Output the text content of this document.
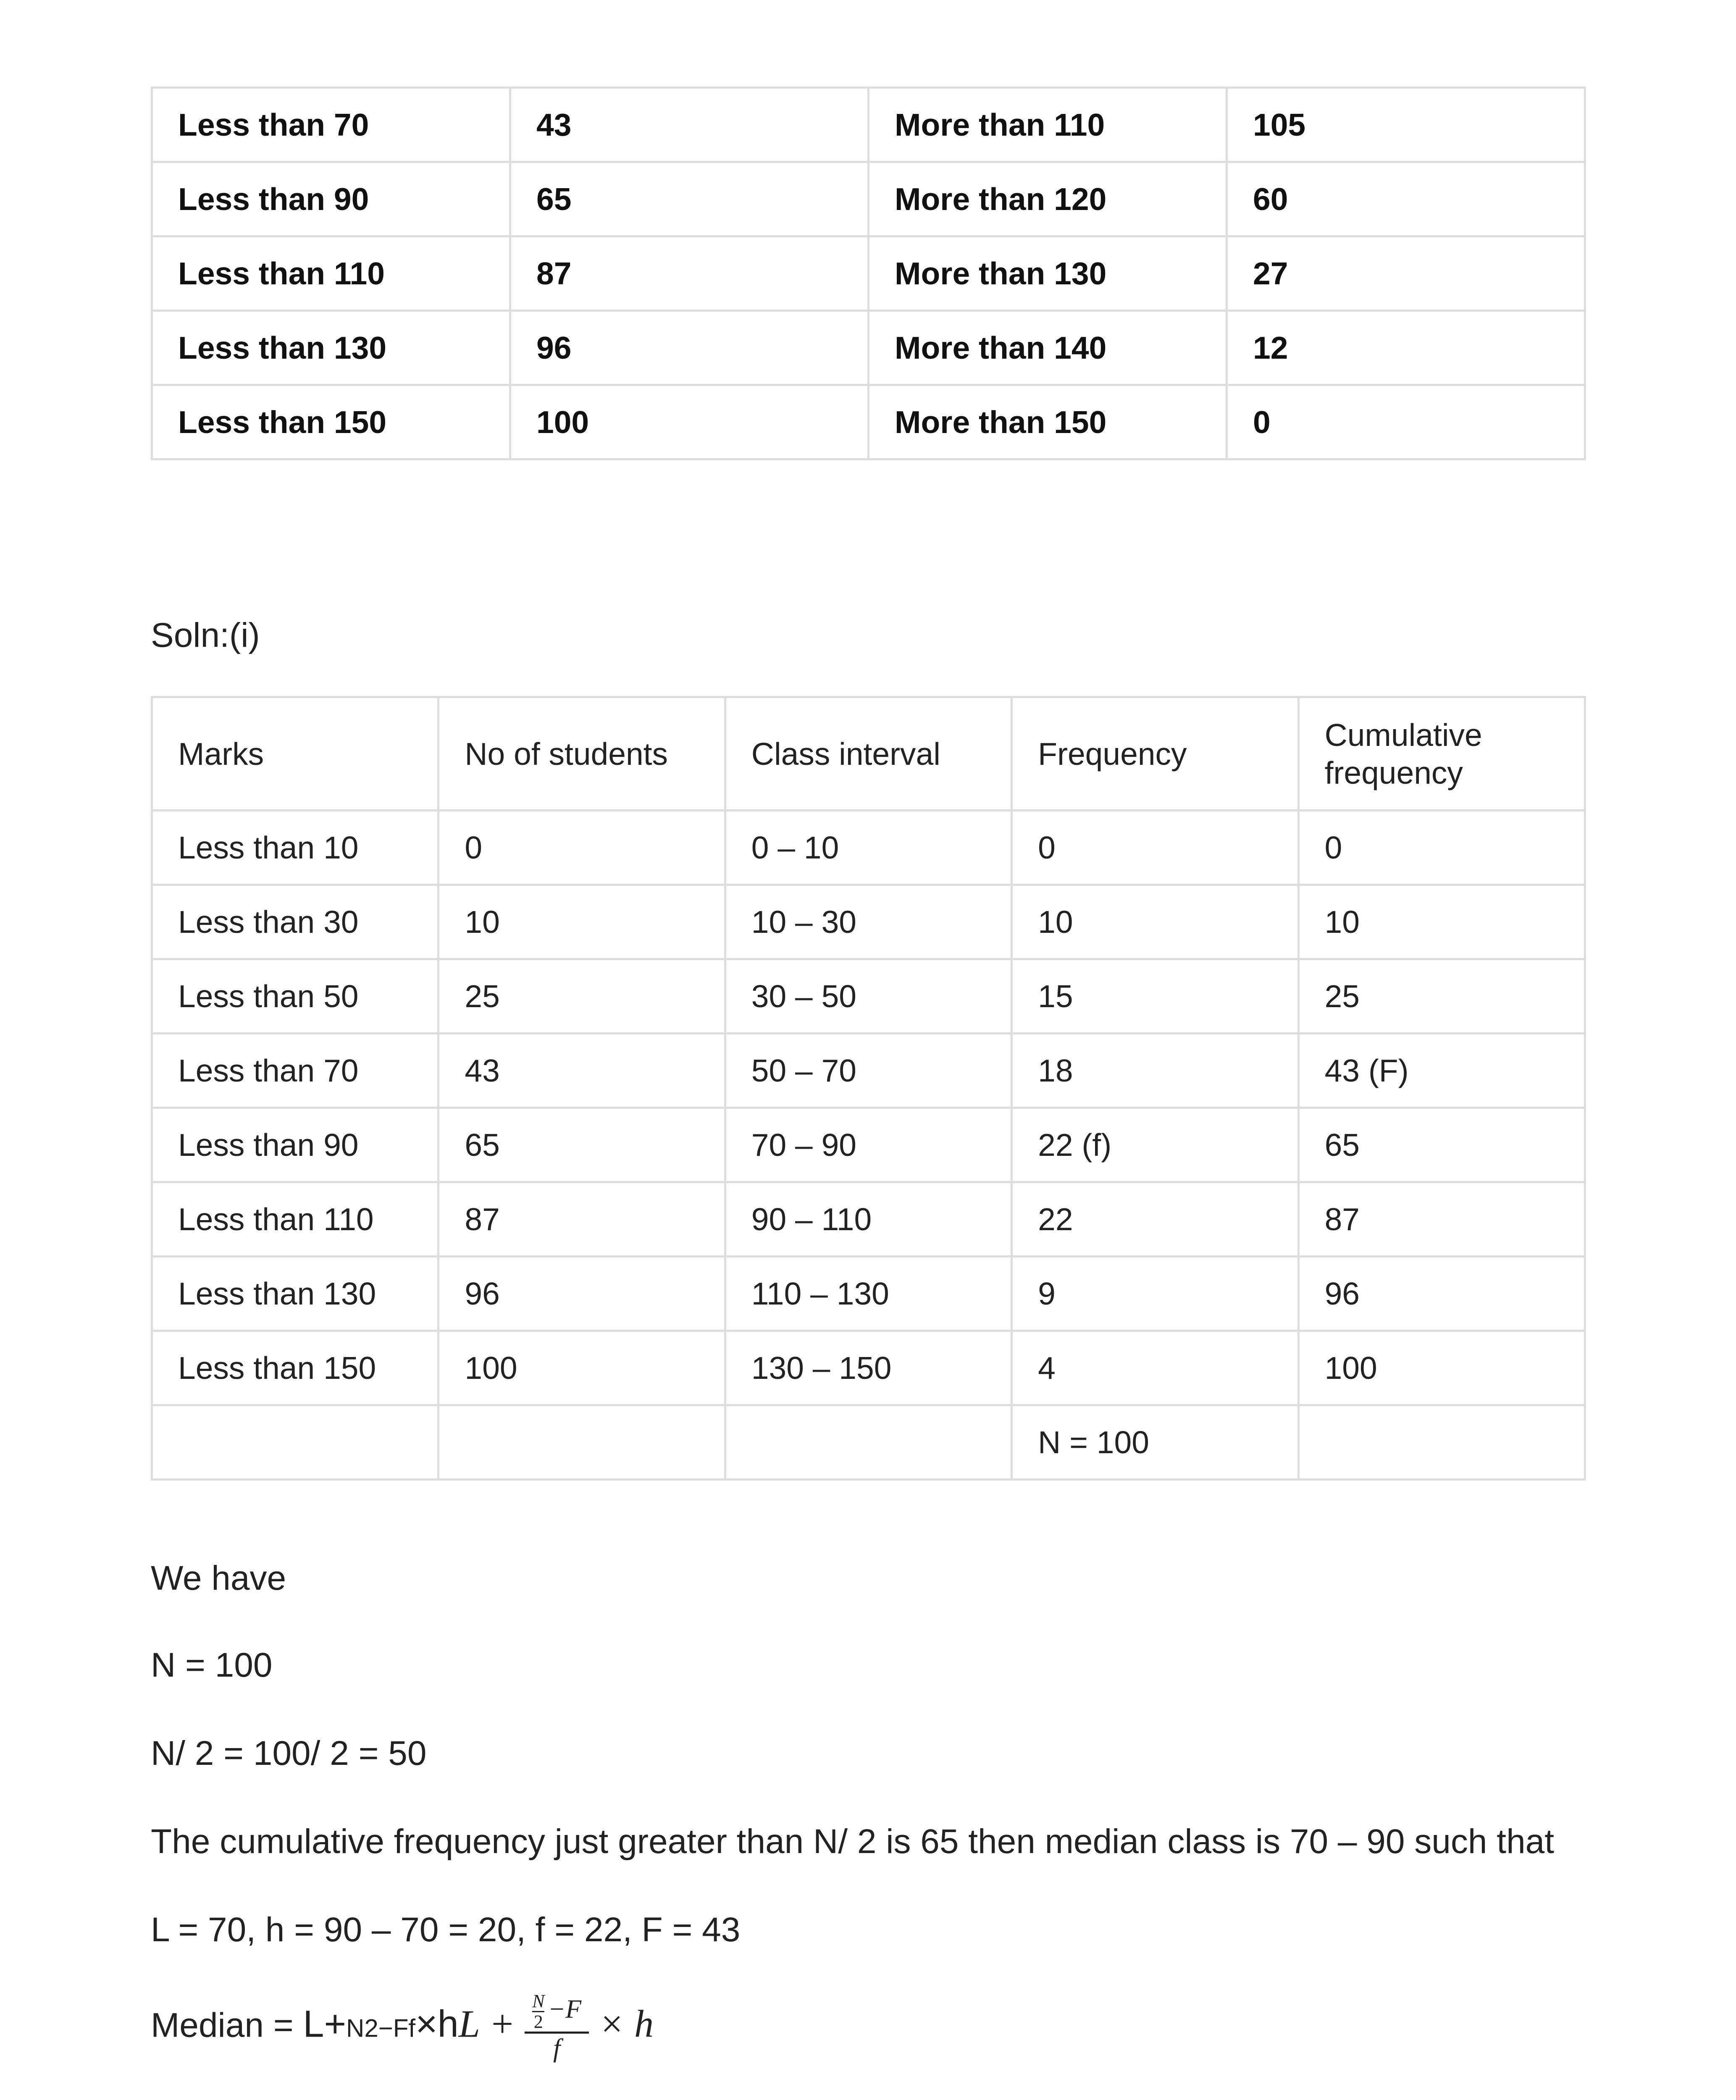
Less than 70	43	More than 110	105
Less than 90	65	More than 120	60
Less than 110	87	More than 130	27
Less than 130	96	More than 140	12
Less than 150	100	More than 150	0
Soln:(i)
Marks	No of students	Class interval	Frequency	Cumulative frequency
Less than 10	0	0 – 10	0	0
Less than 30	10	10 – 30	10	10
Less than 50	25	30 – 50	15	25
Less than 70	43	50 – 70	18	43 (F)
Less than 90	65	70 – 90	22 (f)	65
Less than 110	87	90 – 110	22	87
Less than 130	96	110 – 130	9	96
Less than 150	100	130 – 150	4	100
			N = 100	
We have
N = 100
N/ 2 = 100/ 2 = 50
The cumulative frequency just greater than N/ 2 is 65 then median class is 70 – 90 such that
L = 70, h = 90 – 70 = 20, f = 22, F = 43
Median = $L+N2-Ff\times hL + \frac{\frac{N}{2} -F}{f} \times h$
